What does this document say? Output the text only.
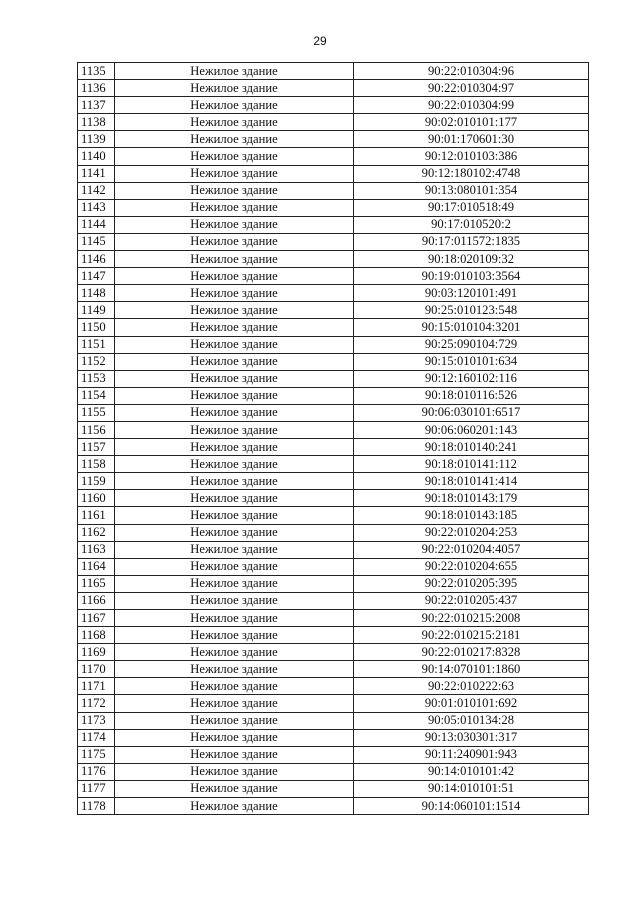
29
1135	Нежилое здание	90:22:010304:96
1136	Нежилое здание	90:22:010304:97
1137	Нежилое здание	90:22:010304:99
1138	Нежилое здание	90:02:010101:177
1139	Нежилое здание	90:01:170601:30
1140	Нежилое здание	90:12:010103:386
1141	Нежилое здание	90:12:180102:4748
1142	Нежилое здание	90:13:080101:354
1143	Нежилое здание	90:17:010518:49
1144	Нежилое здание	90:17:010520:2
1145	Нежилое здание	90:17:011572:1835
1146	Нежилое здание	90:18:020109:32
1147	Нежилое здание	90:19:010103:3564
1148	Нежилое здание	90:03:120101:491
1149	Нежилое здание	90:25:010123:548
1150	Нежилое здание	90:15:010104:3201
1151	Нежилое здание	90:25:090104:729
1152	Нежилое здание	90:15:010101:634
1153	Нежилое здание	90:12:160102:116
1154	Нежилое здание	90:18:010116:526
1155	Нежилое здание	90:06:030101:6517
1156	Нежилое здание	90:06:060201:143
1157	Нежилое здание	90:18:010140:241
1158	Нежилое здание	90:18:010141:112
1159	Нежилое здание	90:18:010141:414
1160	Нежилое здание	90:18:010143:179
1161	Нежилое здание	90:18:010143:185
1162	Нежилое здание	90:22:010204:253
1163	Нежилое здание	90:22:010204:4057
1164	Нежилое здание	90:22:010204:655
1165	Нежилое здание	90:22:010205:395
1166	Нежилое здание	90:22:010205:437
1167	Нежилое здание	90:22:010215:2008
1168	Нежилое здание	90:22:010215:2181
1169	Нежилое здание	90:22:010217:8328
1170	Нежилое здание	90:14:070101:1860
1171	Нежилое здание	90:22:010222:63
1172	Нежилое здание	90:01:010101:692
1173	Нежилое здание	90:05:010134:28
1174	Нежилое здание	90:13:030301:317
1175	Нежилое здание	90:11:240901:943
1176	Нежилое здание	90:14:010101:42
1177	Нежилое здание	90:14:010101:51
1178	Нежилое здание	90:14:060101:1514
